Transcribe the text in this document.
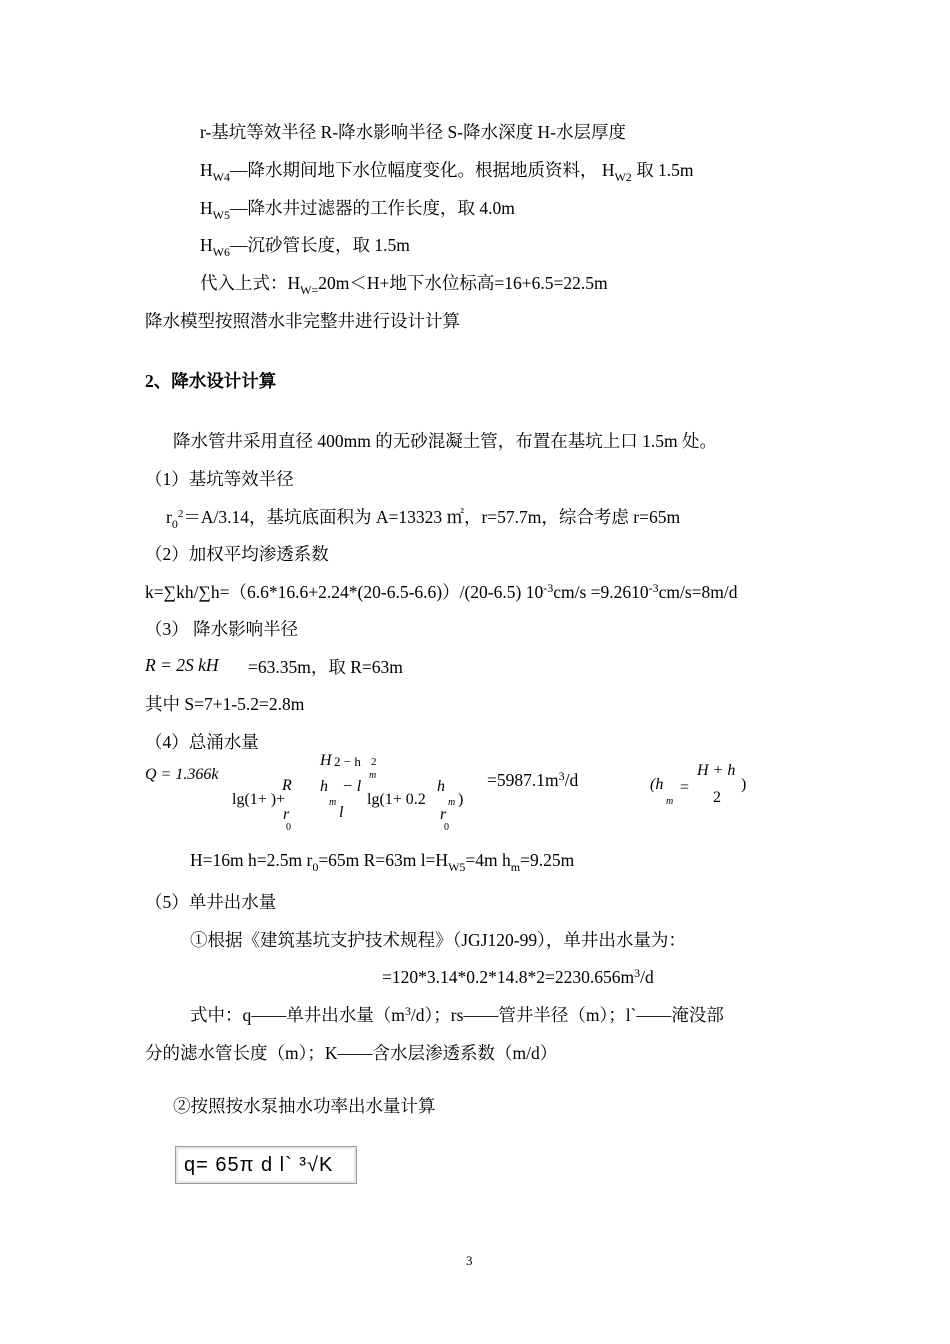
r-基坑等效半径 R-降水影响半径 S-降水深度 H-水层厚度
$H_{W4}—$降水期间地下水位幅度变化。根据地质资料， $H_{W2}$ 取 1.5m
$H_{W5}—$降水井过滤器的工作长度，取 4.0m
$H_{W6}—$沉砂管长度，取 1.5m
代入上式：$H_{W=}20m<H+$地下水位标高=16+6.5=22.5m
降水模型按照潜水非完整井进行设计计算
2、降水设计计算
降水管井采用直径 400mm 的无砂混凝土管，布置在基坑上口 1.5m 处。
（1）基坑等效半径
$r_0^2=A/3.14$，基坑底面积为 A=13323 ㎡，r=57.7m，综合考虑 r=65m
（2）加权平均渗透系数
k=∑kh/∑h=（6.6*16.6+2.24*(20-6.5-6.6)）/(20-6.5) $10^{-3}cm/s =9.2610^{-3}cm/s=8m/d$
（3） 降水影响半径
R = 2S kH =63.35m，取 R=63m
其中 S=7+1-5.2=2.8m
（4）总涌水量
Q = 1.366k
H 2 − h 2
m
R h − l	h
lg(1+ )+	m lg(1+ 0.2 m )
l
r	r
0	0
$=5987.1m^3/d$	(h
m
=
H + h
2
)
H=16m h=2.5m $r_0=65m$ R=63m $l=H_{W5}=4m$ $h_m=9.25m$
（5）单井出水量
①根据《建筑基坑支护技术规程》（JGJ120-99），单井出水量为：
$=120*3.14*0.2*14.8*2=2230.656m^3/d$
式中：q——单井出水量$(m^3/d)$；rs——管井半径（m）；l`——淹没部
分的滤水管长度（m）；K——含水层渗透系数（m/d）
②按照按水泵抽水功率出水量计算
q= 65π d l` ³√K
3
